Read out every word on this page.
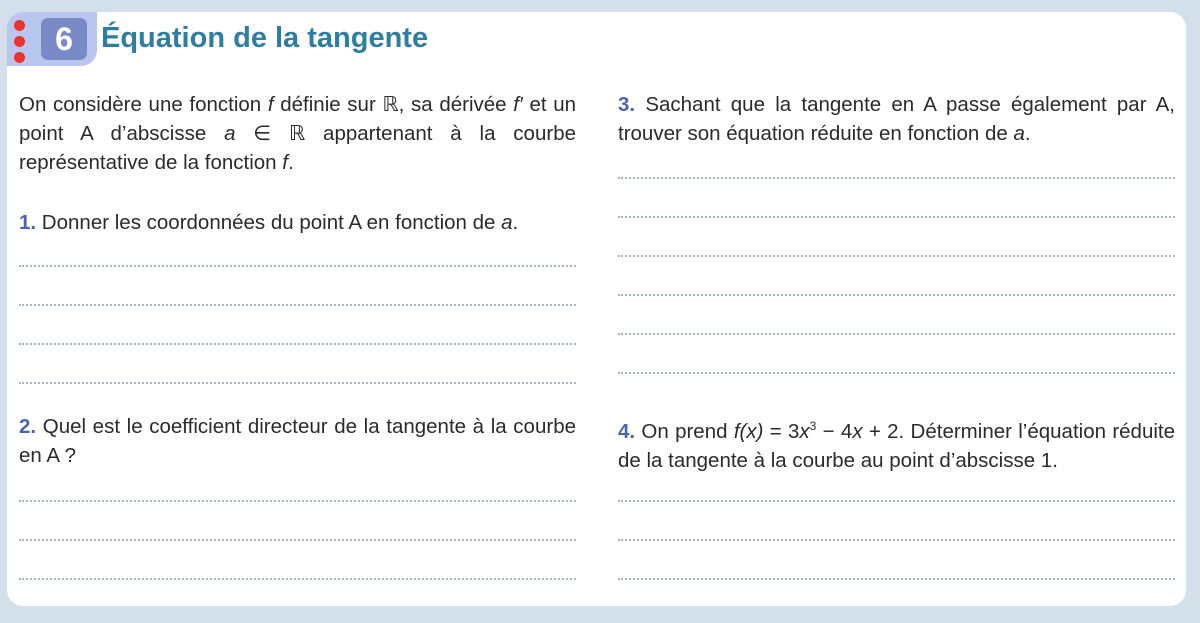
6 Équation de la tangente

On considère une fonction f définie sur ℝ, sa dérivée f′ et un point A d’abscisse a ∈ ℝ appartenant à la courbe représentative de la fonction f.

1. Donner les coordonnées du point A en fonction de a.

2. Quel est le coefficient directeur de la tangente à la courbe en A ?

3. Sachant que la tangente en A passe également par A, trouver son équation réduite en fonction de a.

4. On prend $f(x) = 3x^3 - 4x + 2$. Déterminer l’équation réduite de la tangente à la courbe au point d’abscisse 1.
